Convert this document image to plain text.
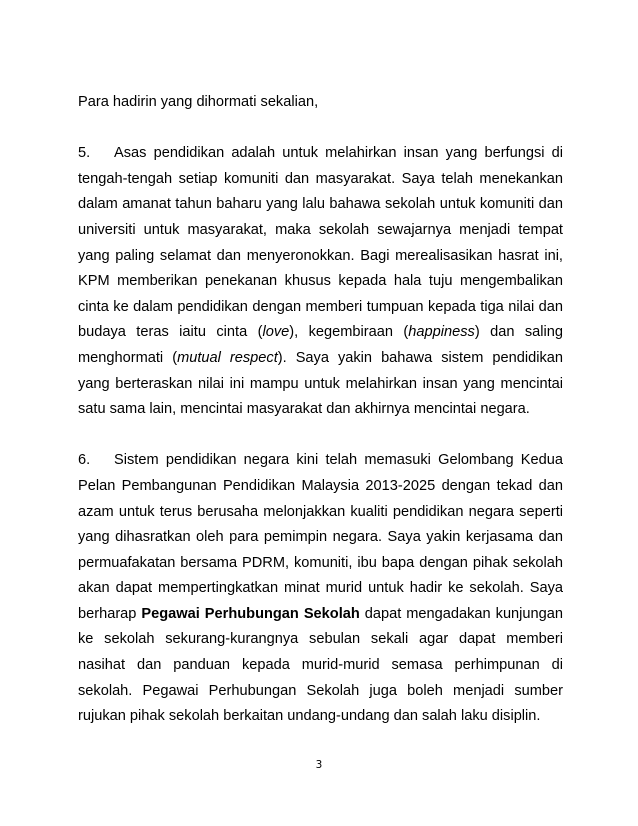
Para hadirin yang dihormati sekalian,

5. Asas pendidikan adalah untuk melahirkan insan yang berfungsi di tengah-tengah setiap komuniti dan masyarakat. Saya telah menekankan dalam amanat tahun baharu yang lalu bahawa sekolah untuk komuniti dan universiti untuk masyarakat, maka sekolah sewajarnya menjadi tempat yang paling selamat dan menyeronokkan. Bagi merealisasikan hasrat ini, KPM memberikan penekanan khusus kepada hala tuju mengembalikan cinta ke dalam pendidikan dengan memberi tumpuan kepada tiga nilai dan budaya teras iaitu cinta (love), kegembiraan (happiness) dan saling menghormati (mutual respect). Saya yakin bahawa sistem pendidikan yang berteraskan nilai ini mampu untuk melahirkan insan yang mencintai satu sama lain, mencintai masyarakat dan akhirnya mencintai negara.

6. Sistem pendidikan negara kini telah memasuki Gelombang Kedua Pelan Pembangunan Pendidikan Malaysia 2013-2025 dengan tekad dan azam untuk terus berusaha melonjakkan kualiti pendidikan negara seperti yang dihasratkan oleh para pemimpin negara. Saya yakin kerjasama dan permuafakatan bersama PDRM, komuniti, ibu bapa dengan pihak sekolah akan dapat mempertingkatkan minat murid untuk hadir ke sekolah. Saya berharap Pegawai Perhubungan Sekolah dapat mengadakan kunjungan ke sekolah sekurang-kurangnya sebulan sekali agar dapat memberi nasihat dan panduan kepada murid-murid semasa perhimpunan di sekolah. Pegawai Perhubungan Sekolah juga boleh menjadi sumber rujukan pihak sekolah berkaitan undang-undang dan salah laku disiplin.

3
